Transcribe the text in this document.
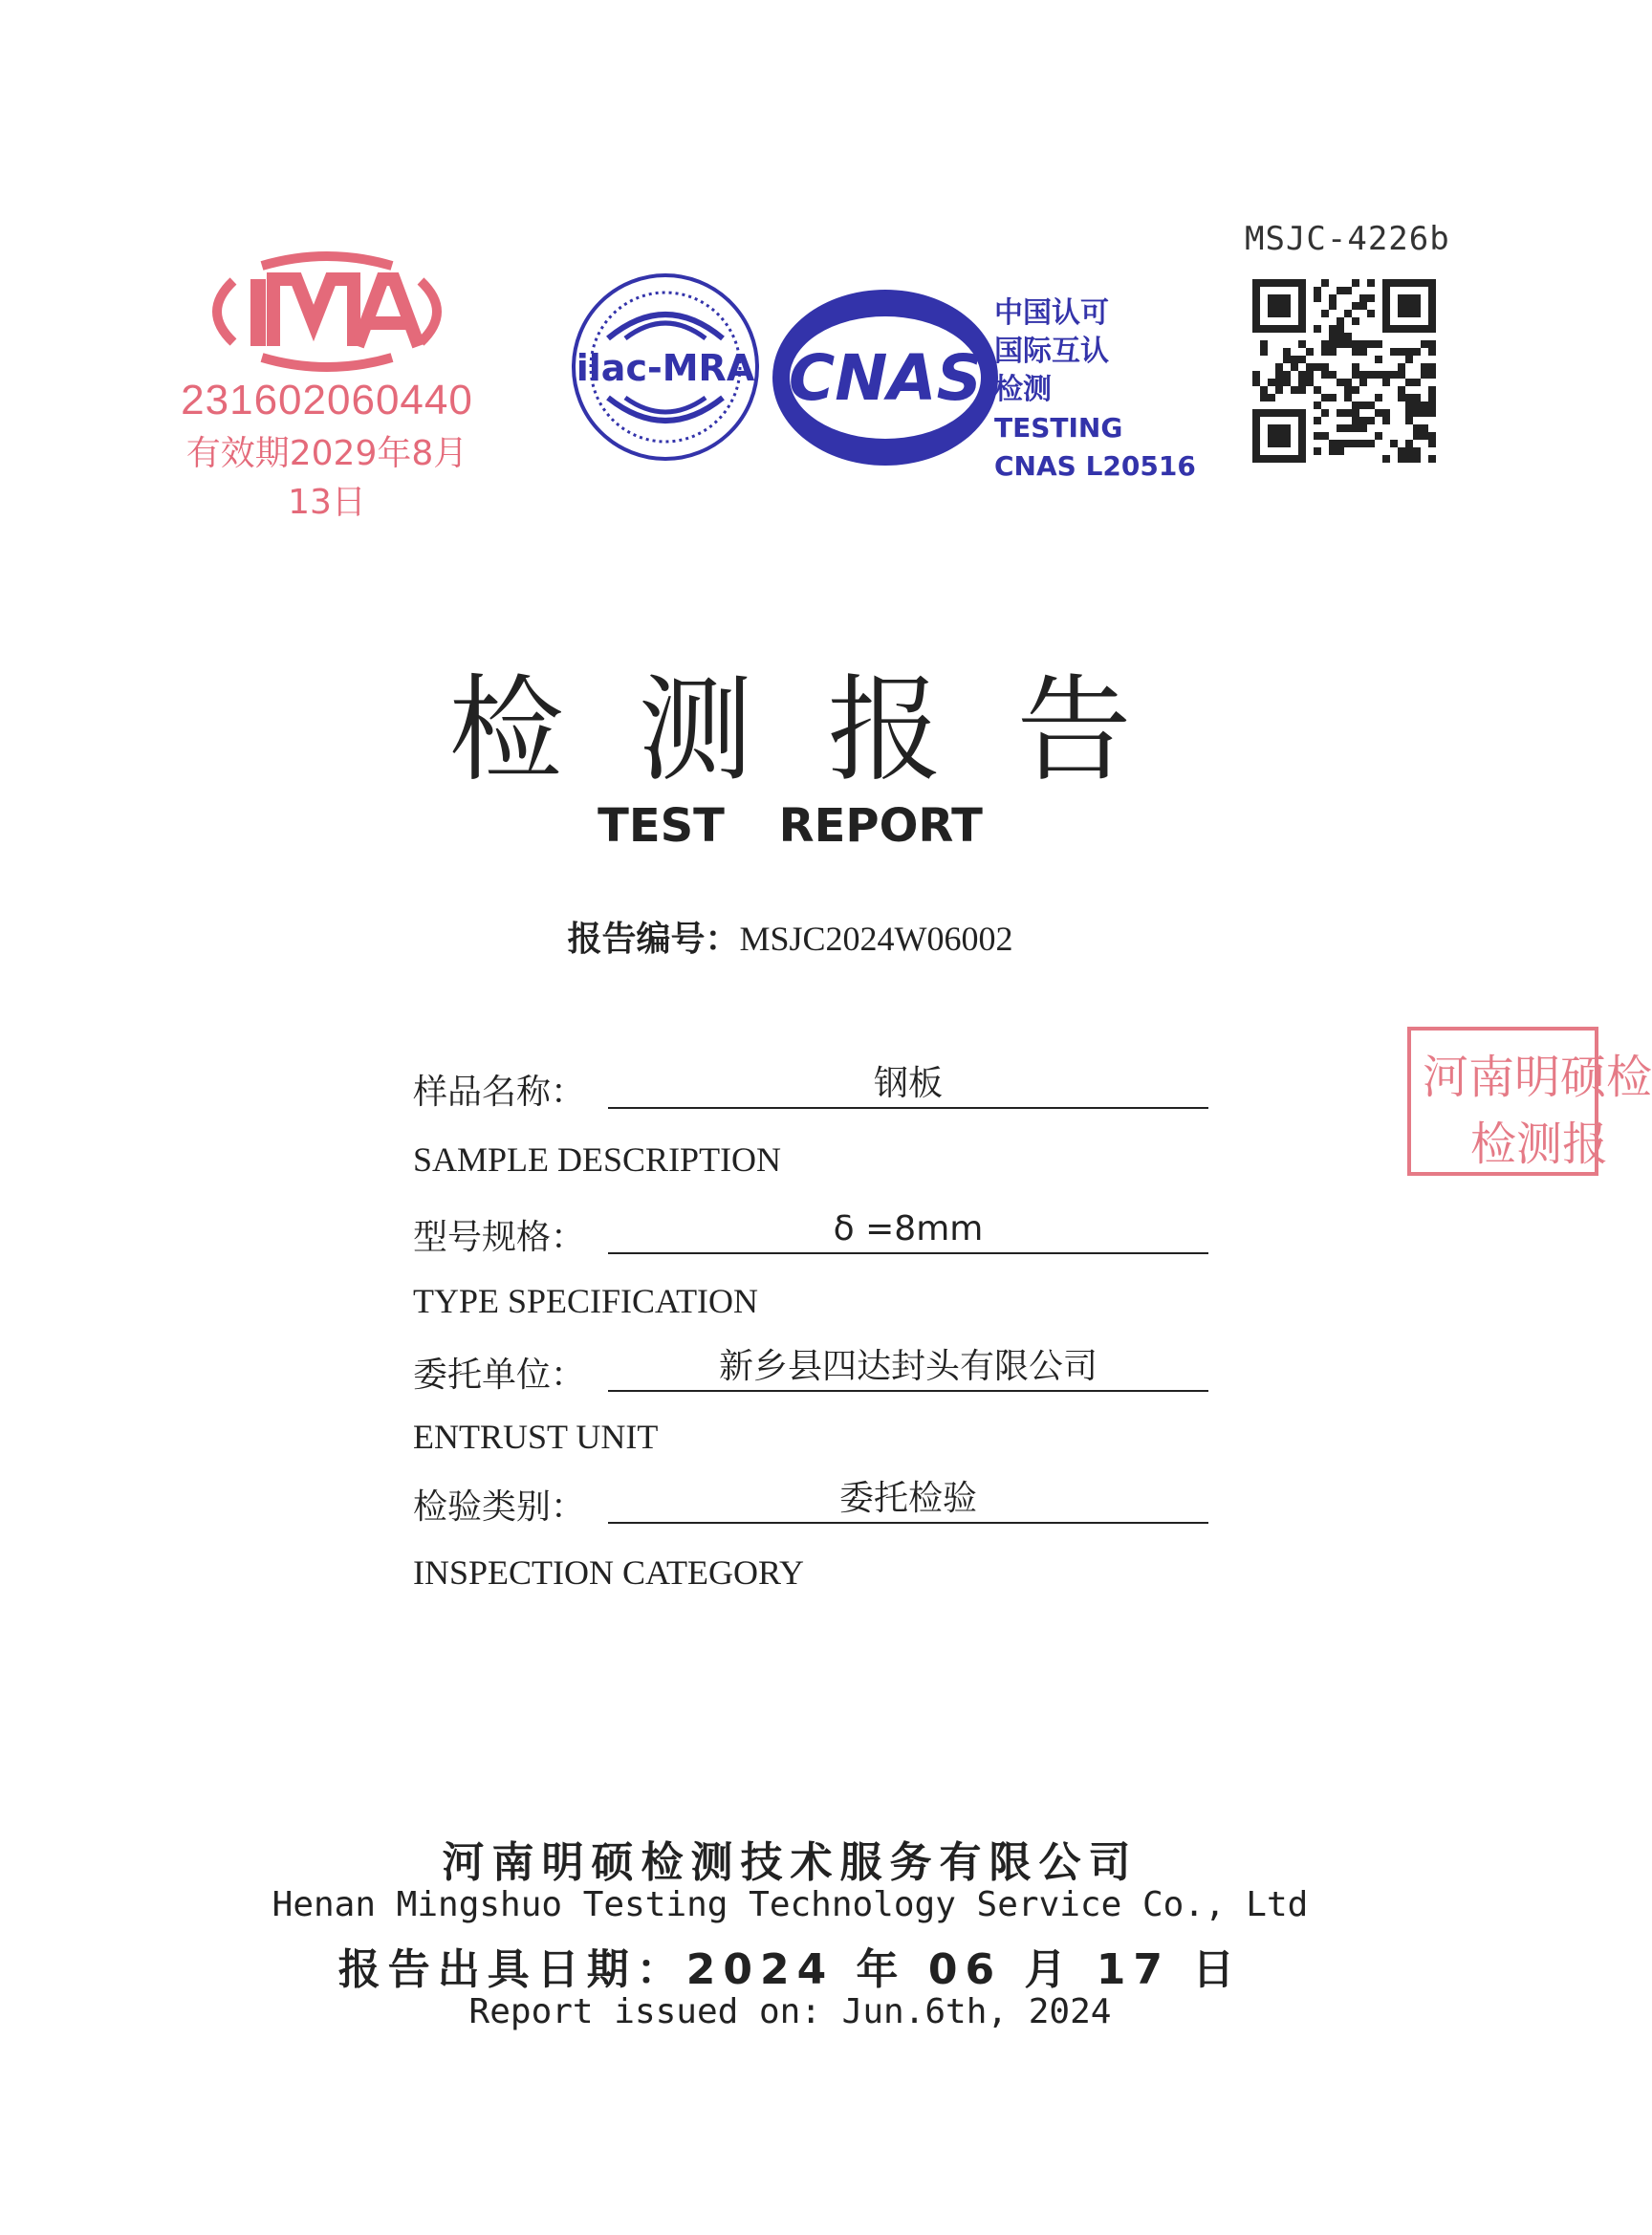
MSJC-4226b
231602060440
有效期2029年8月13日
ilac-MRA CNAS
中国认可
国际互认
检测
TESTING
CNAS L20516
检测报告
TEST REPORT
报告编号：MSJC2024W06002
样品名称：	钢板
SAMPLE DESCRIPTION
型号规格：	δ =8mm
TYPE SPECIFICATION
委托单位：	新乡县四达封头有限公司
ENTRUST UNIT
检验类别：	委托检验
INSPECTION CATEGORY
河南明硕检
检测报
河南明硕检测技术服务有限公司
Henan Mingshuo Testing Technology Service Co., Ltd
报告出具日期：2024 年 06 月 17 日
Report issued on: Jun.6th, 2024
